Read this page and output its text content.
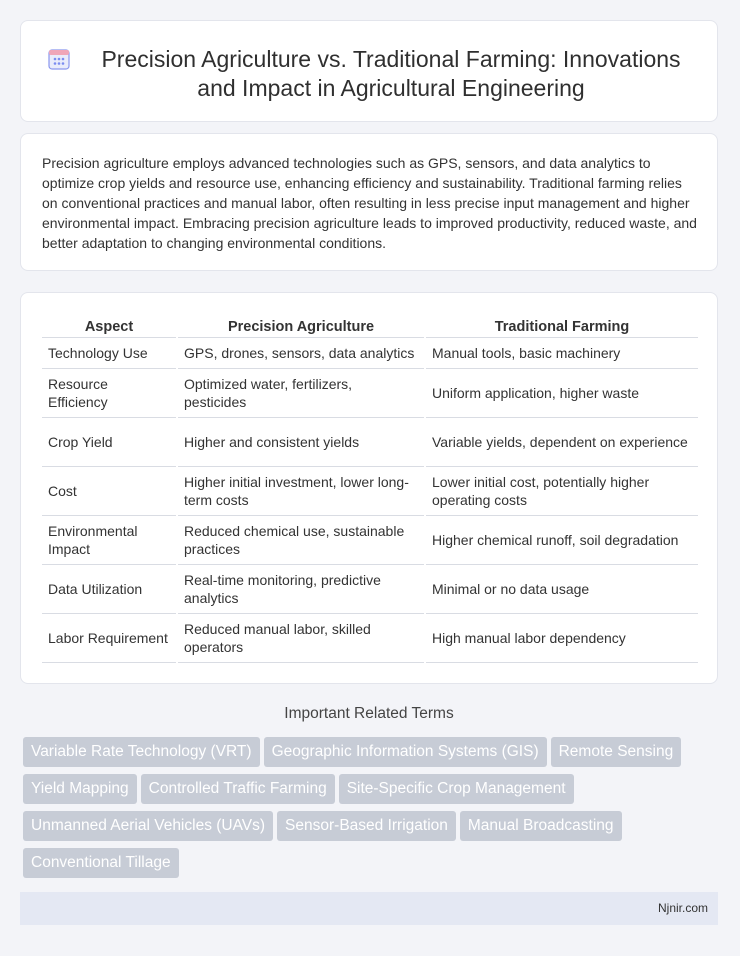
Precision Agriculture vs. Traditional Farming: Innovations and Impact in Agricultural Engineering
Precision agriculture employs advanced technologies such as GPS, sensors, and data analytics to optimize crop yields and resource use, enhancing efficiency and sustainability. Traditional farming relies on conventional practices and manual labor, often resulting in less precise input management and higher environmental impact. Embracing precision agriculture leads to improved productivity, reduced waste, and better adaptation to changing environmental conditions.
Aspect		Precision Agriculture		Traditional Farming
Technology Use		GPS, drones, sensors, data analytics		Manual tools, basic machinery
Resource Efficiency		Optimized water, fertilizers, pesticides		Uniform application, higher waste
Crop Yield		Higher and consistent yields		Variable yields, dependent on experience
Cost		Higher initial investment, lower long-term costs		Lower initial cost, potentially higher operating costs
Environmental Impact		Reduced chemical use, sustainable practices		Higher chemical runoff, soil degradation
Data Utilization		Real-time monitoring, predictive analytics		Minimal or no data usage
Labor Requirement		Reduced manual labor, skilled operators		High manual labor dependency
Important Related Terms
Variable Rate Technology (VRT) Geographic Information Systems (GIS) Remote SensingYield Mapping Controlled Traffic Farming Site-Specific Crop ManagementUnmanned Aerial Vehicles (UAVs) Sensor-Based Irrigation Manual BroadcastingConventional Tillage
Njnir.com
